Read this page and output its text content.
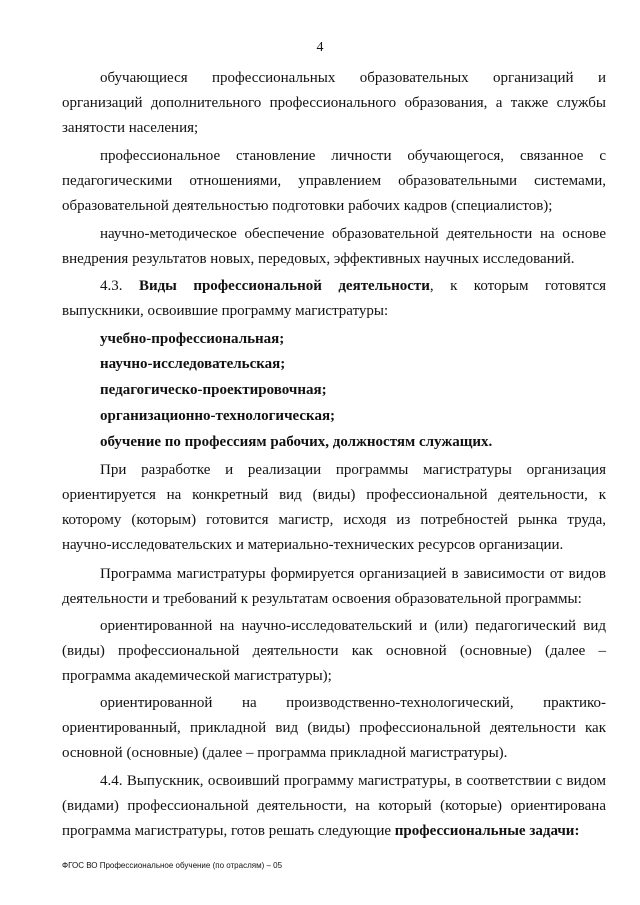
4

обучающиеся профессиональных образовательных организаций и организаций дополнительного профессионального образования, а также службы занятости населения;

профессиональное становление личности обучающегося, связанное с педагогическими отношениями, управлением образовательными системами, образовательной деятельностью подготовки рабочих кадров (специалистов);

научно-методическое обеспечение образовательной деятельности на основе внедрения результатов новых, передовых, эффективных научных исследований.

4.3. Виды профессиональной деятельности, к которым готовятся выпускники, освоившие программу магистратуры:

учебно-профессиональная;

научно-исследовательская;

педагогическо-проектировочная;

организационно-технологическая;

обучение по профессиям рабочих, должностям служащих.

При разработке и реализации программы магистратуры организация ориентируется на конкретный вид (виды) профессиональной деятельности, к которому (которым) готовится магистр, исходя из потребностей рынка труда, научно-исследовательских и материально-технических ресурсов организации.

Программа магистратуры формируется организацией в зависимости от видов деятельности и требований к результатам освоения образовательной программы:

ориентированной на научно-исследовательский и (или) педагогический вид (виды) профессиональной деятельности как основной (основные) (далее – программа академической магистратуры);

ориентированной на производственно-технологический, практико-ориентированный, прикладной вид (виды) профессиональной деятельности как основной (основные) (далее – программа прикладной магистратуры).

4.4. Выпускник, освоивший программу магистратуры, в соответствии с видом (видами) профессиональной деятельности, на который (которые) ориентирована программа магистратуры, готов решать следующие профессиональные задачи:

ФГОС ВО Профессиональное обучение (по отраслям) – 05
